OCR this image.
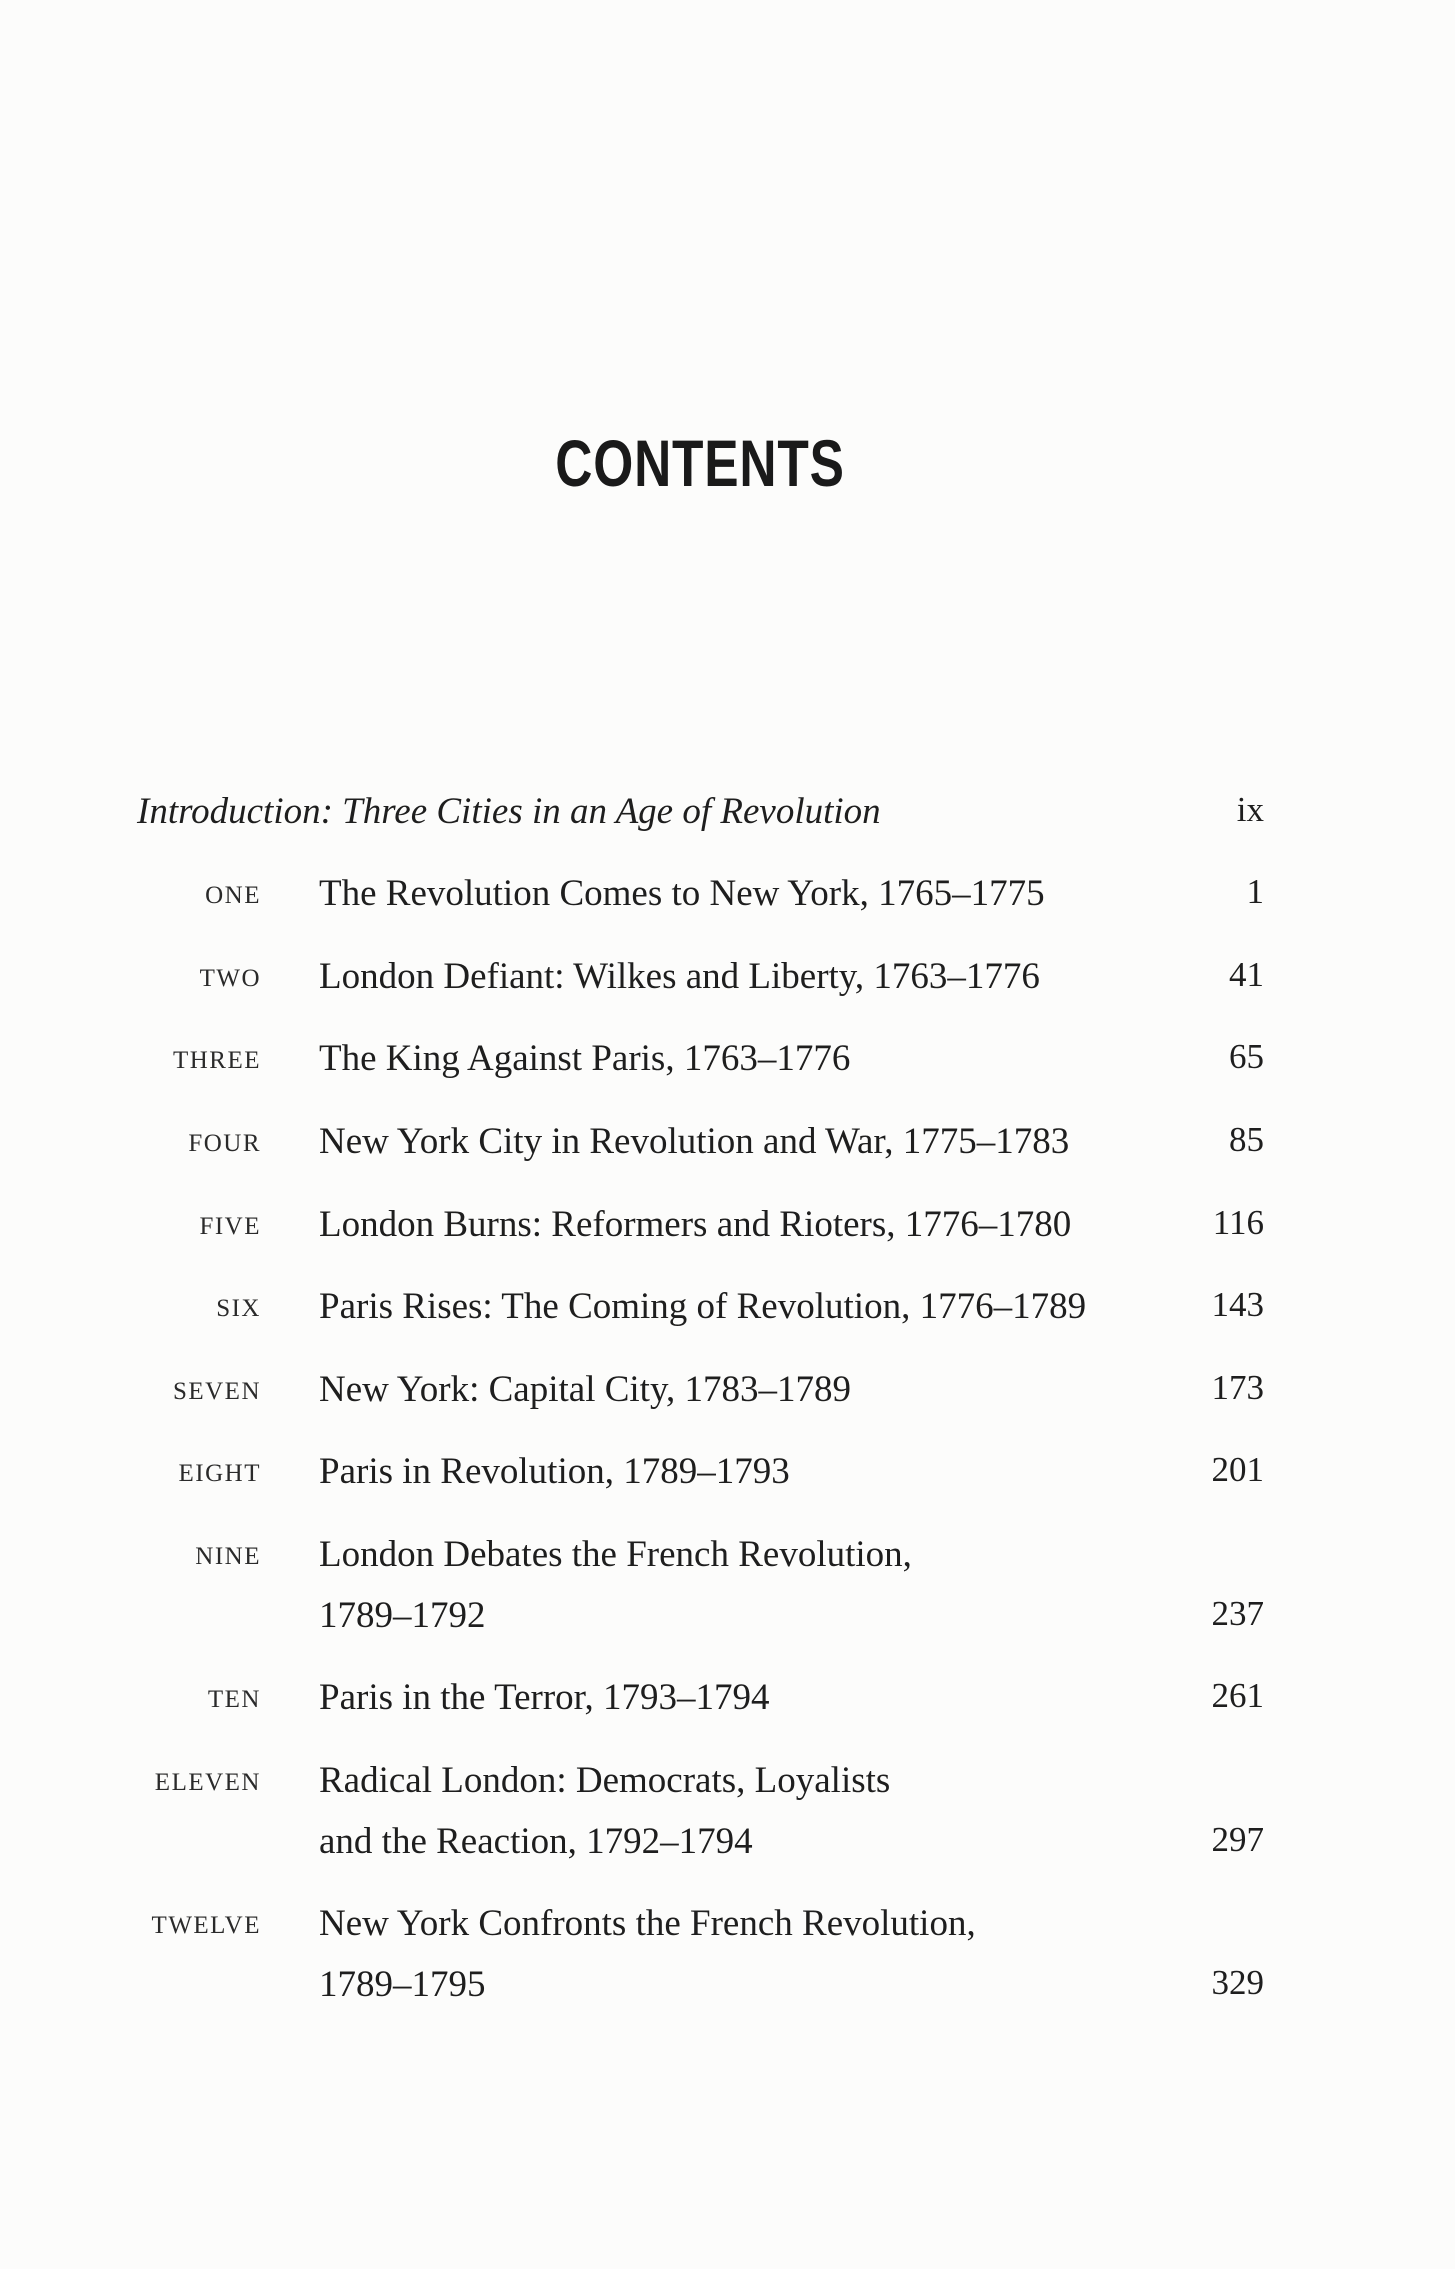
CONTENTS
Introduction: Three Cities in an Age of Revolution	ix
ONE The Revolution Comes to New York, 1765–1775	1
TWO London Defiant: Wilkes and Liberty, 1763–1776	41
THREE The King Against Paris, 1763–1776	65
FOUR New York City in Revolution and War, 1775–1783	85
FIVE London Burns: Reformers and Rioters, 1776–1780	116
SIX Paris Rises: The Coming of Revolution, 1776–1789	143
SEVEN New York: Capital City, 1783–1789	173
EIGHT Paris in Revolution, 1789–1793	201
NINE London Debates the French Revolution,
1789–1792	237
TEN Paris in the Terror, 1793–1794	261
ELEVEN Radical London: Democrats, Loyalists
and the Reaction, 1792–1794	297
TWELVE New York Confronts the French Revolution,
1789–1795	329
